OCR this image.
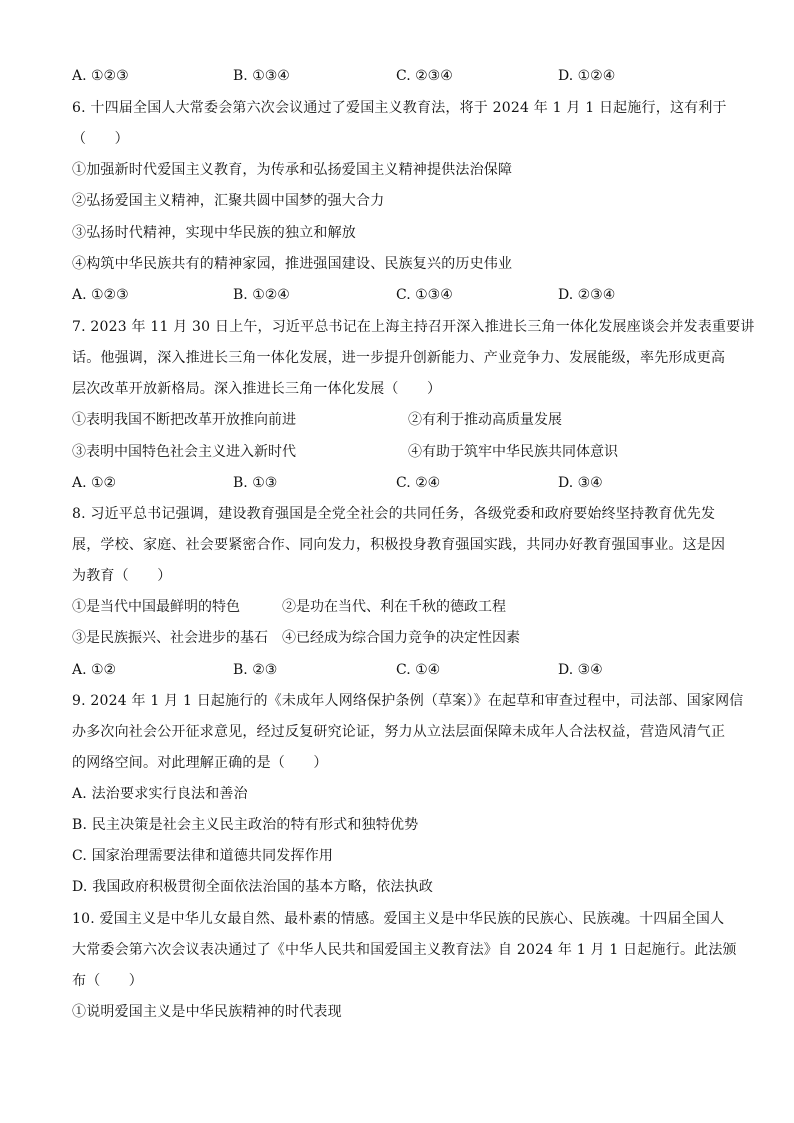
A. ①②③	B. ①③④	C. ②③④	D. ①②④
6. 十四届全国人大常委会第六次会议通过了爱国主义教育法，将于 2024 年 1 月 1 日起施行，这有利于
（　　）
①加强新时代爱国主义教育，为传承和弘扬爱国主义精神提供法治保障
②弘扬爱国主义精神，汇聚共圆中国梦的强大合力
③弘扬时代精神，实现中华民族的独立和解放
④构筑中华民族共有的精神家园，推进强国建设、民族复兴的历史伟业
A. ①②③	B. ①②④	C. ①③④	D. ②③④
7. 2023 年 11 月 30 日上午，习近平总书记在上海主持召开深入推进长三角一体化发展座谈会并发表重要讲
话。他强调，深入推进长三角一体化发展，进一步提升创新能力、产业竞争力、发展能级，率先形成更高
层次改革开放新格局。深入推进长三角一体化发展（　　）
①表明我国不断把改革开放推向前进	②有利于推动高质量发展
③表明中国特色社会主义进入新时代	④有助于筑牢中华民族共同体意识
A. ①②	B. ①③	C. ②④	D. ③④
8. 习近平总书记强调，建设教育强国是全党全社会的共同任务，各级党委和政府要始终坚持教育优先发
展，学校、家庭、社会要紧密合作、同向发力，积极投身教育强国实践，共同办好教育强国事业。这是因
为教育（　　）
①是当代中国最鲜明的特色	②是功在当代、利在千秋的德政工程
③是民族振兴、社会进步的基石 ④已经成为综合国力竞争的决定性因素
A. ①②	B. ②③	C. ①④	D. ③④
9. 2024 年 1 月 1 日起施行的《未成年人网络保护条例（草案）》在起草和审查过程中，司法部、国家网信
办多次向社会公开征求意见，经过反复研究论证，努力从立法层面保障未成年人合法权益，营造风清气正
的网络空间。对此理解正确的是（　　）
A. 法治要求实行良法和善治
B. 民主决策是社会主义民主政治的特有形式和独特优势
C. 国家治理需要法律和道德共同发挥作用
D. 我国政府积极贯彻全面依法治国的基本方略，依法执政
10. 爱国主义是中华儿女最自然、最朴素的情感。爱国主义是中华民族的民族心、民族魂。十四届全国人
大常委会第六次会议表决通过了《中华人民共和国爱国主义教育法》自 2024 年 1 月 1 日起施行。此法颁
布（　　）
①说明爱国主义是中华民族精神的时代表现
